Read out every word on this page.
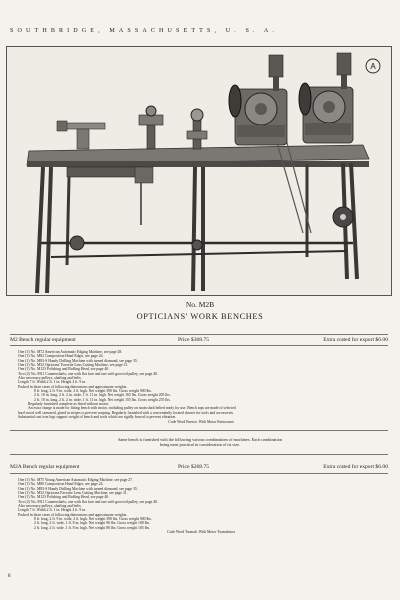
SOUTHBRIDGE, MASSACHUSETTS, U. S. A.
A
No. M2B
OPTICIANS' WORK BENCHES
M2 Bench regular equipment	Price $368.75	Extra crated for export $6.00
One (1) No. M72 American Automatic Edging Machine, see page 28.
One (1) No. M82 Composition Hand Edger, see page 24.
One (1) No. M83-S Handy Drilling Machine with turned diamond, see page 35.
One (1) No. M32 Opticians' Favorite Lens Cutting Machine, see page 31.
One (1) No. M123 Polishing and Buffing Head, see page 40.
Two (2) No. M11 Countershafts, one with flat face and one with grooved pulley, see page 40.
Also necessary pulleys, shafting and belts.
Length 7 ft. Width 2 ft. 1 in. Height 2 ft. 9 in.
Packed in three cases of following dimensions and approximate weights.
8 ft. long, 2 ft. 9 in. wide, 2 ft. high. Net weight 390 lbs. Gross weight 900 lbs.
2 ft. 10 in. long, 2 ft. 2 in. wide, 1 ft. 11 in. high. Net weight 165 lbs. Gross weight 205 lbs.
2 ft. 10 in. long, 2 ft. 2 in. wide, 1 ft. 11 in. high. Net weight 155 lbs. Gross weight 255 lbs.
Regularly furnished complete as listed without motor.
An extra charge is made for fitting bench with motor, including pulley on main shaft belted ready for use. Bench tops are made of selected
hard wood well seasoned, glued in stripes to prevent warping. Regularly furnished with a conveniently located drawer for tools and accessories.
Substantial cast iron legs support weight of bench and tools which are rigidly braced to prevent vibration.
Code Word Enetoo. With Motor Enetoomot
Same bench is furnished with the following various combinations of machines. Each combination
being most practical in consideration of its size.
M2A Bench regular equipment	Price $268.75	Extra crated for export $6.00
One (1) No. M75 Young American Automatic Edging Machine, see page 27.
One (1) No. M80 Composition Hand Edger, see page 24.
One (1) No. M83-S Handy Drilling Machine with turned diamond, see page 35.
One (1) No. M32 Opticians Favorite Lens Cutting Machine, see page 31.
One (1) No. M123 Polishing and Buffing Head, see page 40.
Two (2) No. M11 Countershafts, one with flat face and one with grooved pulley, see page 40.
Also necessary pulleys, shafting and belts.
Length 7 ft. Width 2 ft. 1 in. Height 2 ft. 9 in.
Packed in three cases of following dimensions and approximate weights.
8 ft. long, 2 ft. 9 in. wide, 2 ft. high. Net weight 390 lbs. Gross weight 900 lbs.
2 ft. long, 2 ft. wide, 1 ft. 8 in. high. Net weight 96 lbs. Gross weight 108 lbs.
2 ft. long, 2 ft. wide, 1 ft. 8 in. high. Net weight 80 lbs. Gross weight 105 lbs.
Code Word Tsomah. With Motor Tsomahmot
8
